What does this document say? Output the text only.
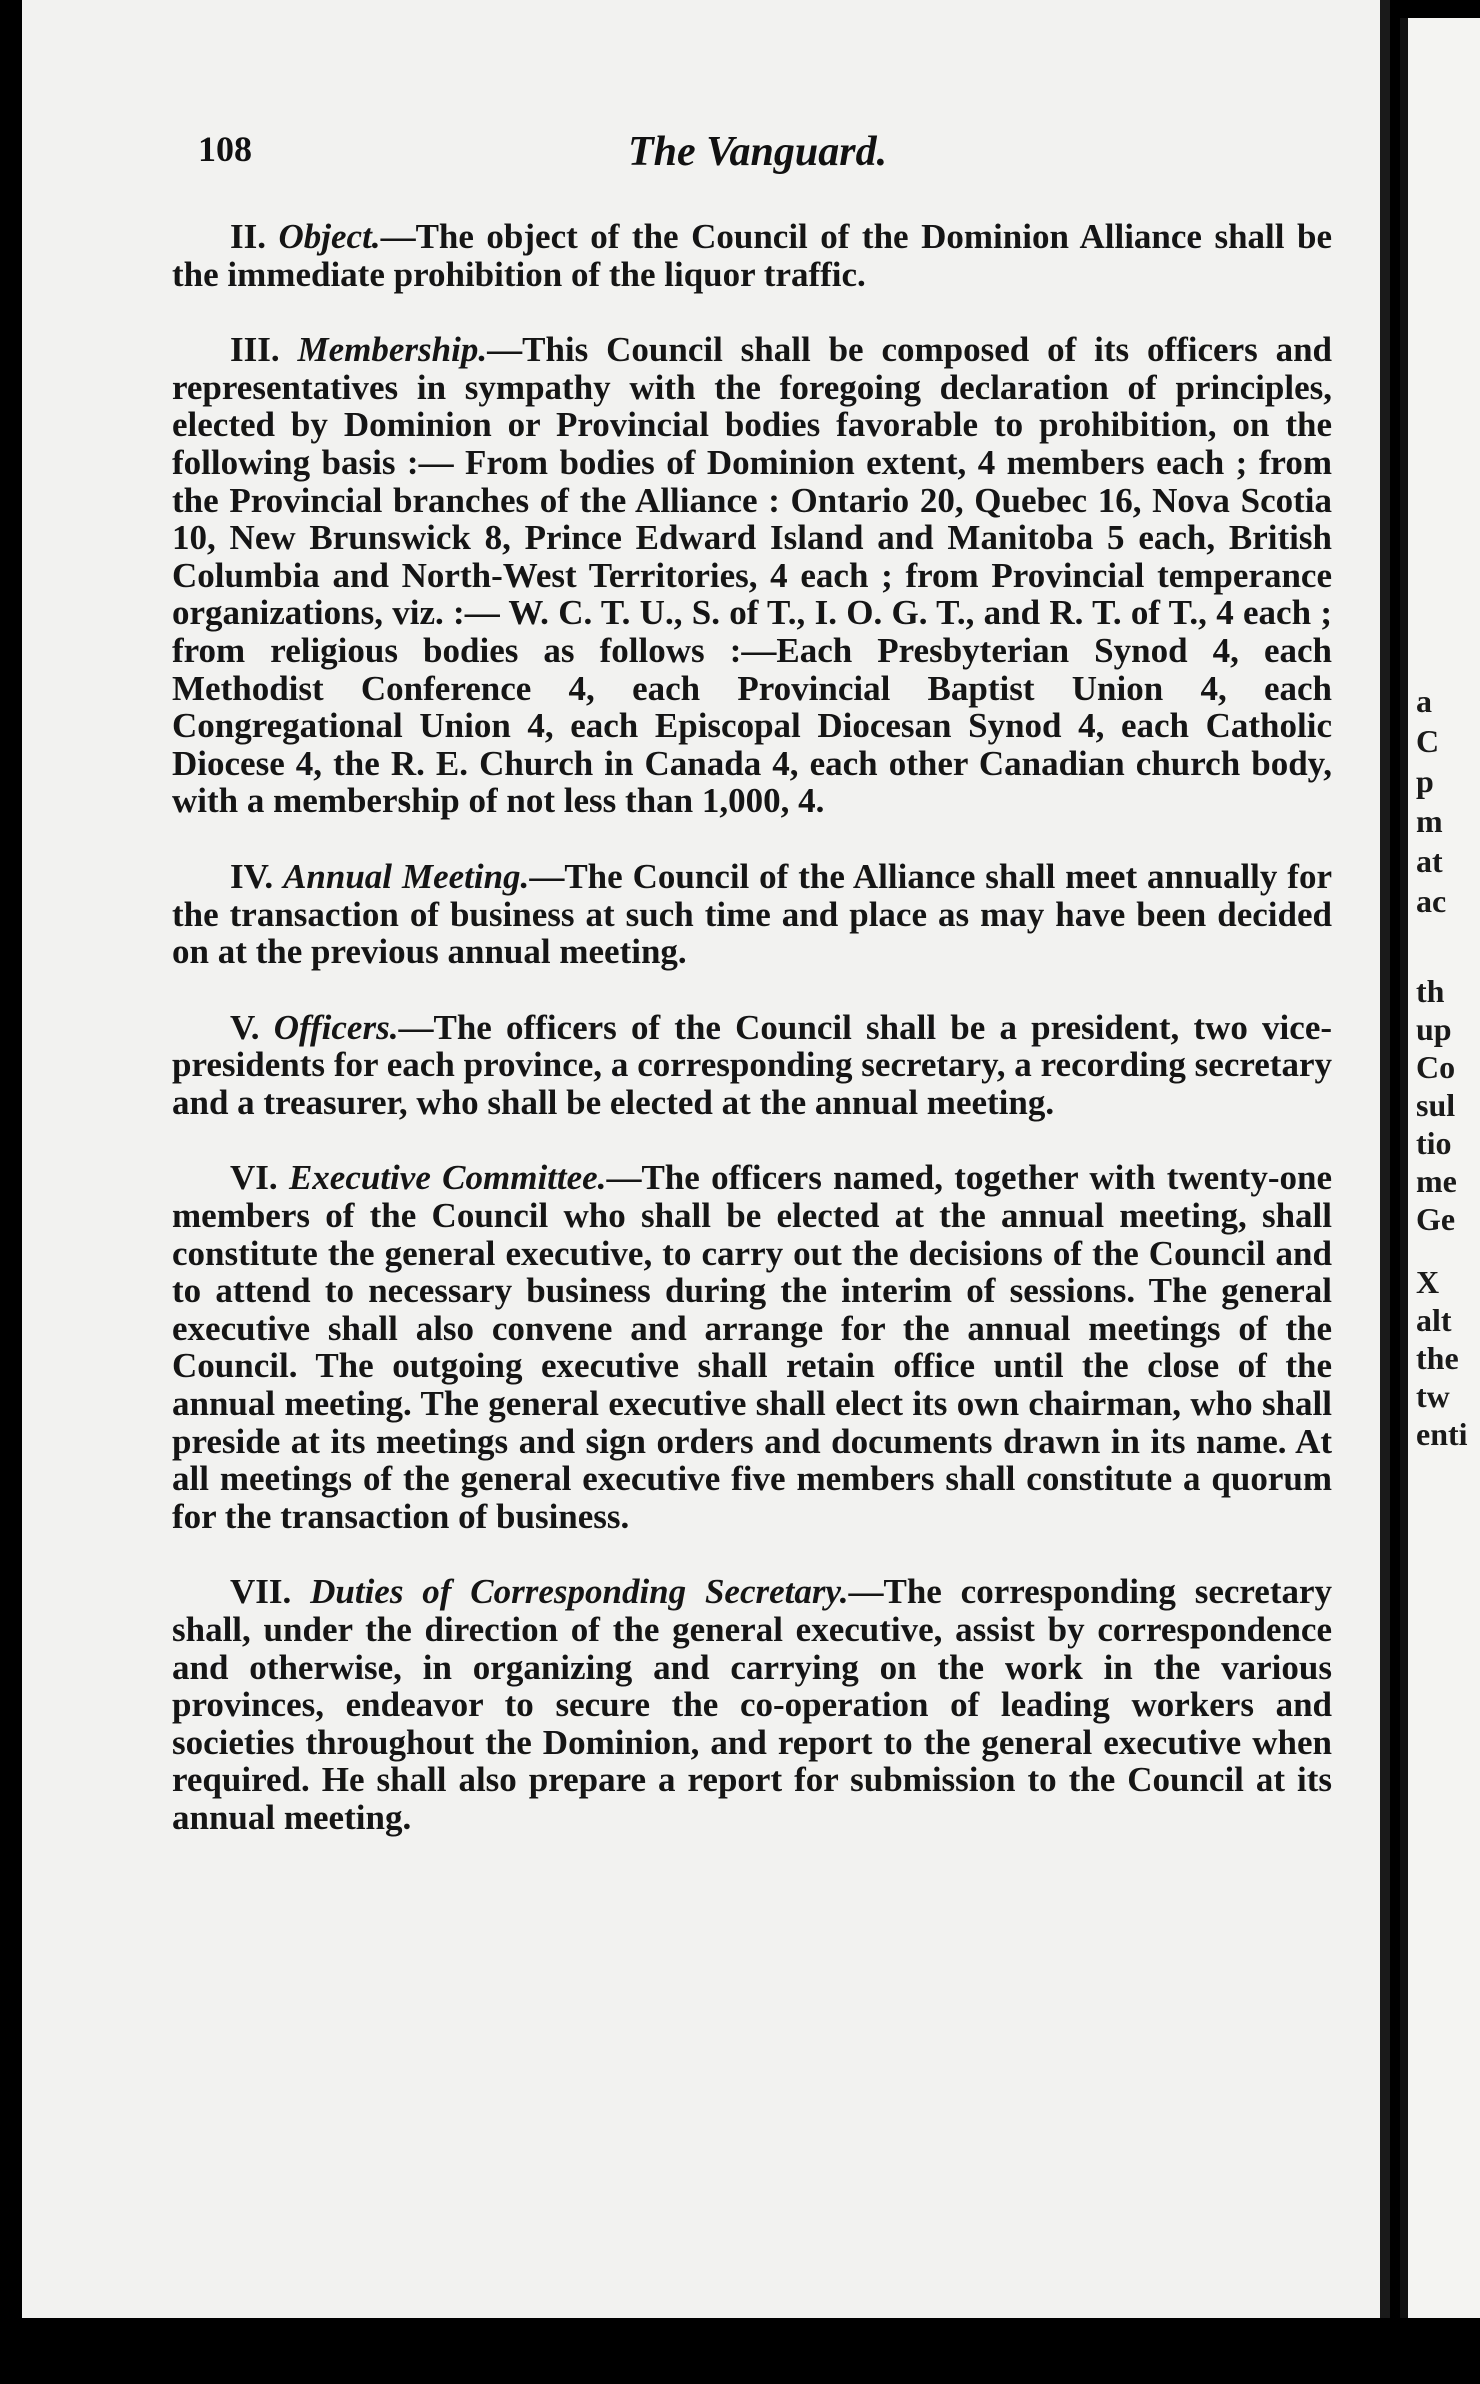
108	The Vanguard.

II. Object.—The object of the Council of the Dominion Alliance shall be the immediate prohibition of the liquor traffic.

III. Membership.—This Council shall be composed of its officers and representatives in sympathy with the foregoing declaration of principles, elected by Dominion or Provincial bodies favorable to prohibition, on the following basis :— From bodies of Dominion extent, 4 members each ; from the Provincial branches of the Alliance : Ontario 20, Quebec 16, Nova Scotia 10, New Brunswick 8, Prince Edward Island and Manitoba 5 each, British Columbia and North-West Territories, 4 each ; from Provincial temperance organizations, viz. :— W. C. T. U., S. of T., I. O. G. T., and R. T. of T., 4 each ; from religious bodies as follows :—Each Presbyterian Synod 4, each Methodist Conference 4, each Provincial Baptist Union 4, each Congregational Union 4, each Episcopal Diocesan Synod 4, each Catholic Diocese 4, the R. E. Church in Canada 4, each other Canadian church body, with a membership of not less than 1,000, 4.

IV. Annual Meeting.—The Council of the Alliance shall meet annually for the transaction of business at such time and place as may have been decided on at the previous annual meeting.

V. Officers.—The officers of the Council shall be a president, two vice-presidents for each province, a corresponding secretary, a recording secretary and a treasurer, who shall be elected at the annual meeting.

VI. Executive Committee.—The officers named, together with twenty-one members of the Council who shall be elected at the annual meeting, shall constitute the general executive, to carry out the decisions of the Council and to attend to necessary business during the interim of sessions. The general executive shall also convene and arrange for the annual meetings of the Council. The outgoing executive shall retain office until the close of the annual meeting. The general executive shall elect its own chairman, who shall preside at its meetings and sign orders and documents drawn in its name. At all meetings of the general executive five members shall constitute a quorum for the transaction of business.

VII. Duties of Corresponding Secretary.—The corresponding secretary shall, under the direction of the general executive, assist by correspondence and otherwise, in organizing and carrying on the work in the various provinces, endeavor to secure the co-operation of leading workers and societies throughout the Dominion, and report to the general executive when required. He shall also prepare a report for submission to the Council at its annual meeting.

a
C
p
m
at
ac
th
up
Co
sul
tio
me
Ge
X
alt
the
tw
enti
